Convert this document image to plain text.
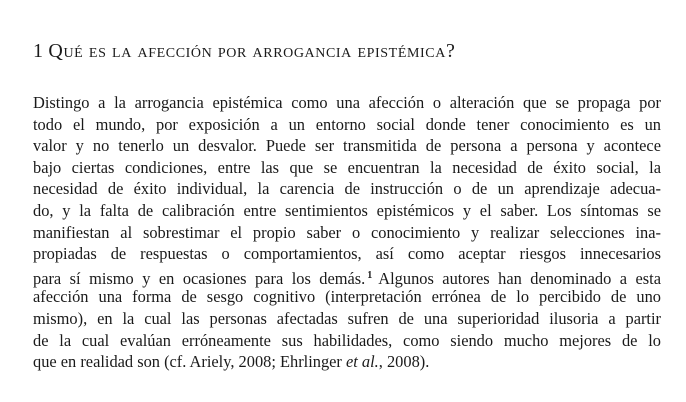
1 Qué es la afección por arrogancia epistémica?
Distingo a la arrogancia epistémica como una afección o alteración que se propaga por
todo el mundo, por exposición a un entorno social donde tener conocimiento es un
valor y no tenerlo un desvalor. Puede ser transmitida de persona a persona y acontece
bajo ciertas condiciones, entre las que se encuentran la necesidad de éxito social, la
necesidad de éxito individual, la carencia de instrucción o de un aprendizaje adecua-
do, y la falta de calibración entre sentimientos epistémicos y el saber. Los síntomas se
manifiestan al sobrestimar el propio saber o conocimiento y realizar selecciones ina-
propiadas de respuestas o comportamientos, así como aceptar riesgos innecesarios
para sí mismo y en ocasiones para los demás. $^1$ Algunos autores han denominado a esta
afección una forma de sesgo cognitivo (interpretación errónea de lo percibido de uno
mismo), en la cual las personas afectadas sufren de una superioridad ilusoria a partir
de la cual evalúan erróneamente sus habilidades, como siendo mucho mejores de lo
que en realidad son (cf. Ariely, 2008; Ehrlinger et al., 2008).
